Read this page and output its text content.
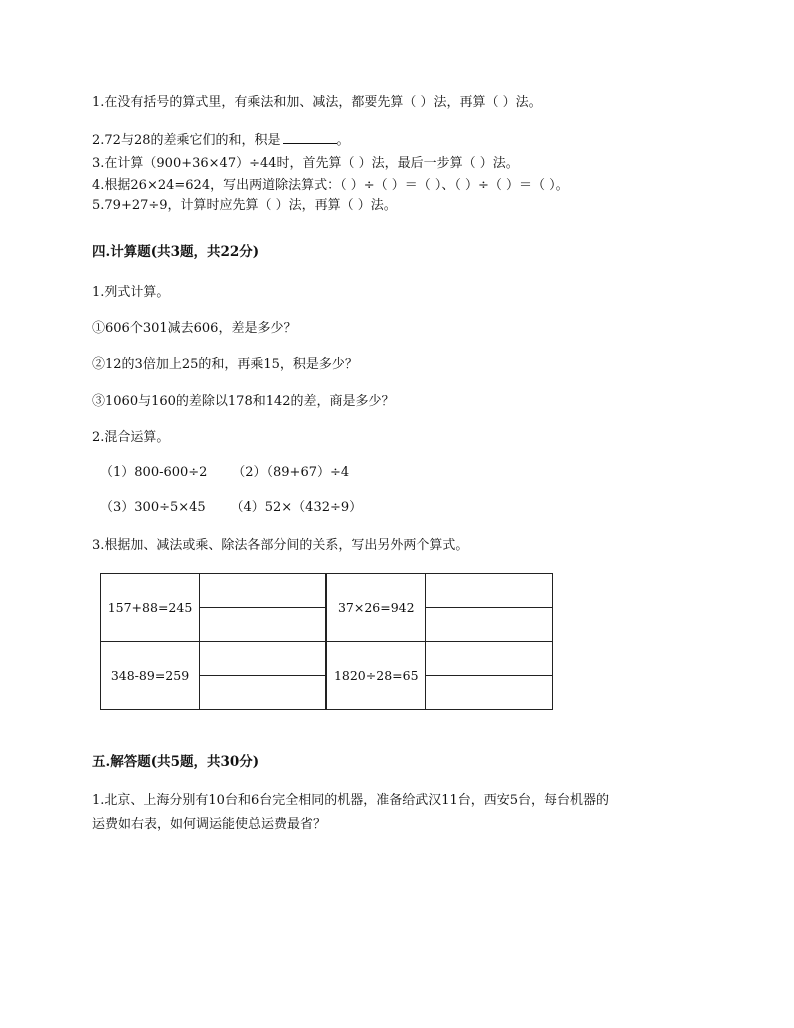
1.在没有括号的算式里，有乘法和加、减法，都要先算（ ）法，再算（ ）法。
2.72与28的差乘它们的和，积是	。
3.在计算（900+36×47）÷44时，首先算（ ）法，最后一步算（ ）法。
4.根据26×24=624，写出两道除法算式：（ ）÷（ ）＝（ ）、（ ）÷（ ）＝（ ）。
5.79+27÷9，计算时应先算（ ）法，再算（ ）法。
四.计算题(共3题，共22分)
1.列式计算。
①606个301减去606，差是多少？
②12的3倍加上25的和，再乘15，积是多少？
③1060与160的差除以178和142的差，商是多少？
2.混合运算。
（1）800-600÷2      （2）（89+67）÷4
（3）300÷5×45      （4）52×（432÷9）
3.根据加、减法或乘、除法各部分间的关系，写出另外两个算式。
157+88=245		37×26=942	

348-89=259		1820÷28=65	
五.解答题(共5题，共30分)
1.北京、上海分别有10台和6台完全相同的机器，准备给武汉11台，西安5台，每台机器的
运费如右表，如何调运能使总运费最省？
